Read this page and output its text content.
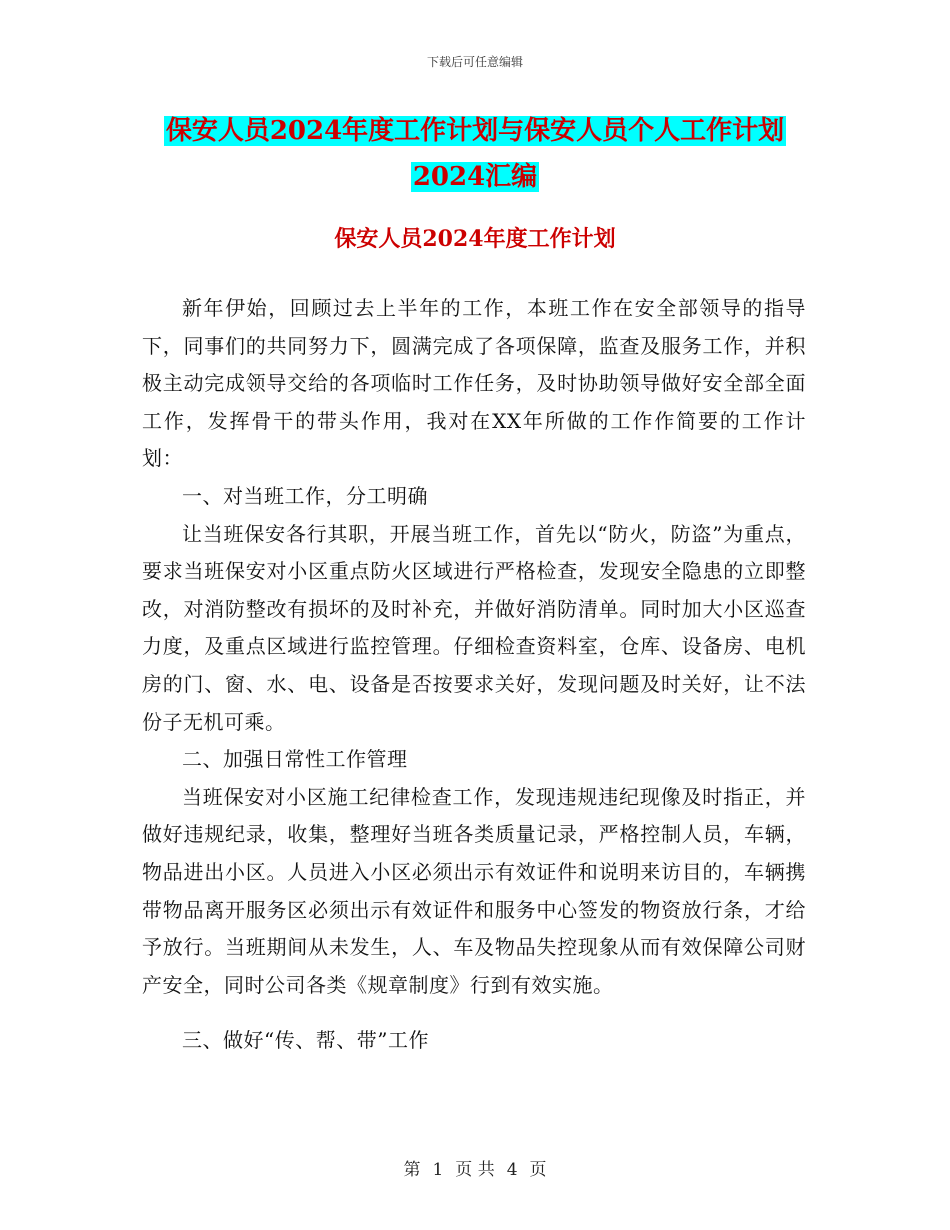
下载后可任意编辑
保安人员2024年度工作计划与保安人员个人工作计划
2024汇编
保安人员2024年度工作计划

新年伊始，回顾过去上半年的工作，本班工作在安全部领导的指导下，同事们的共同努力下，圆满完成了各项保障，监查及服务工作，并积极主动完成领导交给的各项临时工作任务，及时协助领导做好安全部全面工作，发挥骨干的带头作用，我对在XX年所做的工作作简要的工作计划：

一、对当班工作，分工明确

让当班保安各行其职，开展当班工作，首先以“防火，防盗”为重点，要求当班保安对小区重点防火区域进行严格检查，发现安全隐患的立即整改，对消防整改有损坏的及时补充，并做好消防清单。同时加大小区巡查力度，及重点区域进行监控管理。仔细检查资料室，仓库、设备房、电机房的门、窗、水、电、设备是否按要求关好，发现问题及时关好，让不法份子无机可乘。

二、加强日常性工作管理

当班保安对小区施工纪律检查工作，发现违规违纪现像及时指正，并做好违规纪录，收集，整理好当班各类质量记录，严格控制人员，车辆，物品进出小区。人员进入小区必须出示有效证件和说明来访目的，车辆携带物品离开服务区必须出示有效证件和服务中心签发的物资放行条，才给予放行。当班期间从未发生，人、车及物品失控现象从而有效保障公司财产安全，同时公司各类《规章制度》行到有效实施。

三、做好“传、帮、带”工作

第 1 页 共 4 页
